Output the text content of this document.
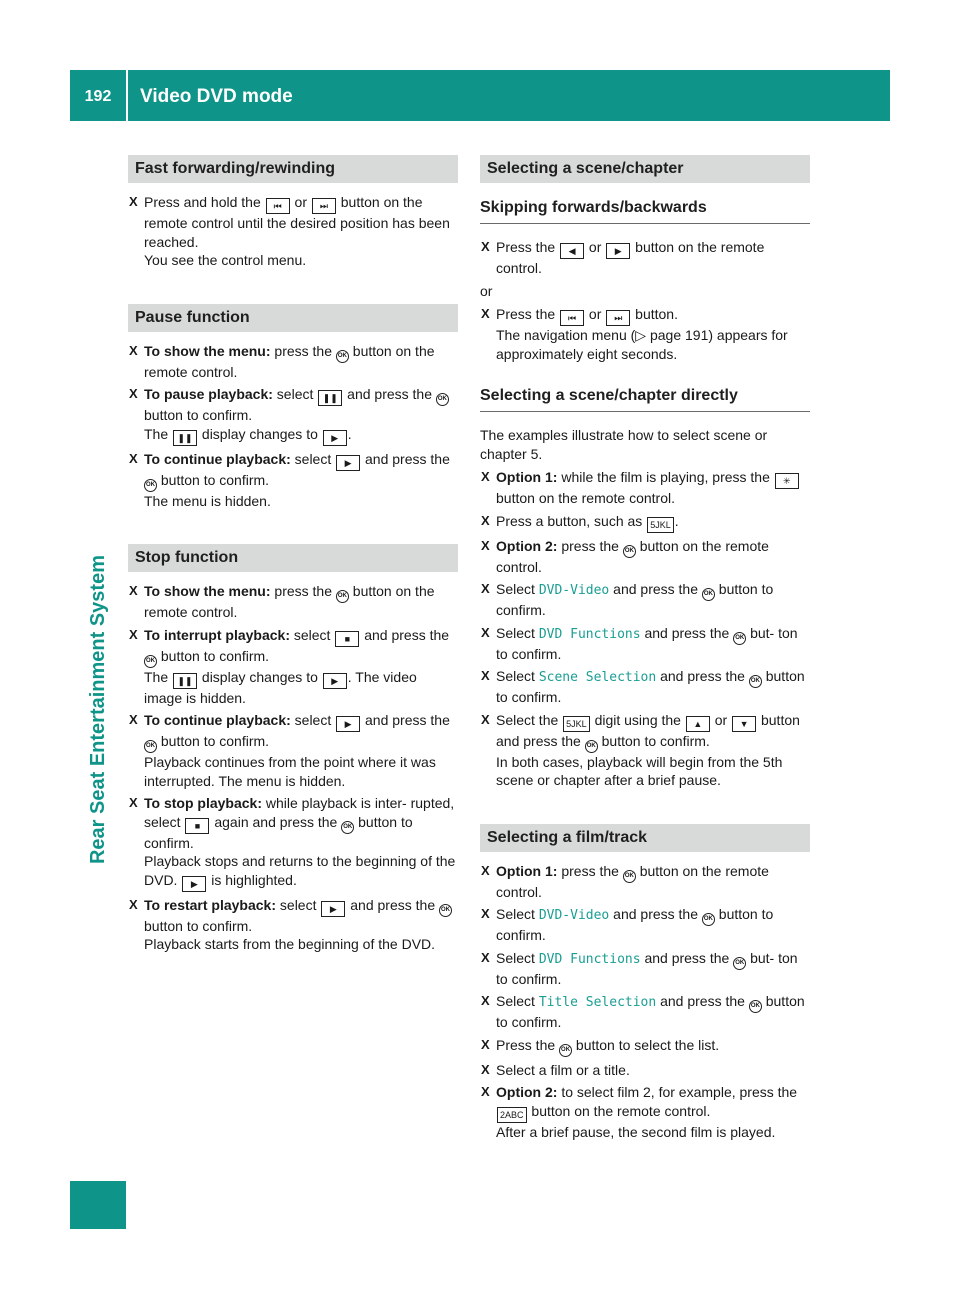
192	Video DVD mode
Rear Seat Entertainment System
Fast forwarding/rewinding
X Press and hold the ⏮ or ⏭ button on the remote control until the desired position has been reached.
You see the control menu.
Pause function
X To show the menu: press the OK button on the remote control.
X To pause playback: select ❚❚ and press the OK button to confirm.
The ❚❚ display changes to ▶ .
X To continue playback: select ▶ and press the OK button to confirm.
The menu is hidden.
Stop function
X To show the menu: press the OK button on the remote control.
X To interrupt playback: select ■ and press the OK button to confirm.
The ❚❚ display changes to ▶ . The video image is hidden.
X To continue playback: select ▶ and press the OK button to confirm.
Playback continues from the point where it was interrupted. The menu is hidden.
X To stop playback: while playback is inter- rupted, select ■ again and press the OK button to confirm.
Playback stops and returns to the beginning of the DVD. ▶ is highlighted.
X To restart playback: select ▶ and press the OK button to confirm.
Playback starts from the beginning of the DVD.
Selecting a scene/chapter
Skipping forwards/backwards
X Press the ◀ or ▶ button on the remote control.
or
X Press the ⏮ or ⏭ button.
The navigation menu (▷ page 191) appears for approximately eight seconds.
Selecting a scene/chapter directly
The examples illustrate how to select scene or chapter 5.
X Option 1: while the film is playing, press the ✳ button on the remote control.
X Press a button, such as 5JKL .
X Option 2: press the OK button on the remote control.
X Select DVD-Video and press the OK button to confirm.
X Select DVD Functions and press the OK but- ton to confirm.
X Select Scene Selection and press the OK button to confirm.
X Select the 5JKL digit using the ▲ or ▼ button and press the OK button to confirm.
In both cases, playback will begin from the 5th scene or chapter after a brief pause.
Selecting a film/track
X Option 1: press the OK button on the remote control.
X Select DVD-Video and press the OK button to confirm.
X Select DVD Functions and press the OK but- ton to confirm.
X Select Title Selection and press the OK button to confirm.
X Press the OK button to select the list.
X Select a film or a title.
X Option 2: to select film 2, for example, press the 2ABC button on the remote control.
After a brief pause, the second film is played.
